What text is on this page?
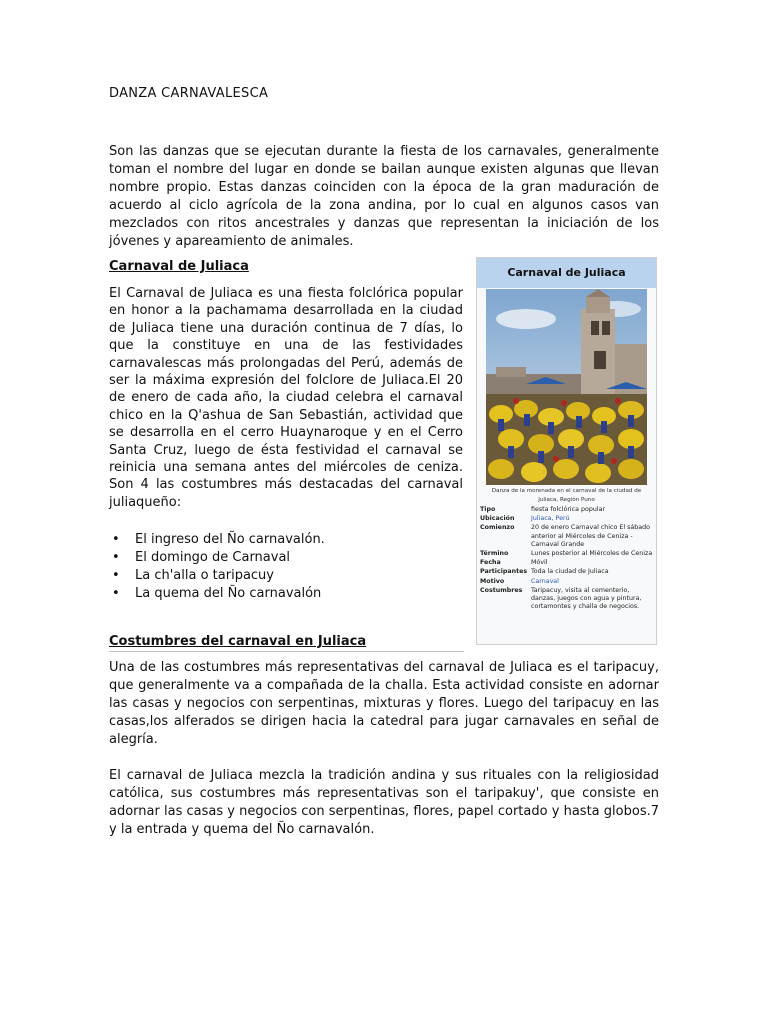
DANZA CARNAVALESCA
Son las danzas que se ejecutan durante la fiesta de los carnavales, generalmente toman el nombre del lugar en donde se bailan aunque existen algunas que llevan nombre propio. Estas danzas coinciden con la época de la gran maduración de acuerdo al ciclo agrícola de la zona andina, por lo cual en algunos casos van mezclados con ritos ancestrales y danzas que representan la iniciación de los jóvenes y apareamiento de animales.
Carnaval de Juliaca
El Carnaval de Juliaca es una fiesta folclórica popular en honor a la pachamama desarrollada en la ciudad de Juliaca tiene una duración continua de 7 días, lo que la constituye en una de las festividades carnavalescas más prolongadas del Perú, además de ser la máxima expresión del folclore de Juliaca.El 20 de enero de cada año, la ciudad celebra el carnaval chico en la Q'ashua de San Sebastián, actividad que se desarrolla en el cerro Huaynaroque y en el Cerro Santa Cruz, luego de ésta festividad el carnaval se reinicia una semana antes del miércoles de ceniza. Son 4 las costumbres más destacadas del carnaval juliaqueño:
• El ingreso del Ño carnavalón.
• El domingo de Carnaval
• La ch'alla o taripacuy
• La quema del Ño carnavalón
Costumbres del carnaval en Juliaca
Una de las costumbres más representativas del carnaval de Juliaca es el taripacuy, que generalmente va a compañada de la challa. Esta actividad consiste en adornar las casas y negocios con serpentinas, mixturas y flores. Luego del taripacuy en las casas,los alferados se dirigen hacia la catedral para jugar carnavales en señal de alegría.
El carnaval de Juliaca mezcla la tradición andina y sus rituales con la religiosidad católica, sus costumbres más representativas son el taripakuy', que consiste en adornar las casas y negocios con serpentinas, flores, papel cortado y hasta globos.7 y la entrada y quema del Ño carnavalón.
Carnaval de Juliaca
Danza de la morenada en el carnaval de la ciudad de Juliaca, Región Puno
Tipo	fiesta folclórica popular
Ubicación	Juliaca, Perú
Comienzo	20 de enero Carnaval chico El sábado anterior al Miércoles de Ceniza - Carnaval Grande
Término	Lunes posterior al Miércoles de Ceniza
Fecha	Móvil
Participantes Toda la ciudad de Juliaca
Motivo	Carnaval
Costumbres	Taripacuy, visita al cementerio, danzas, juegos con agua y pintura, cortamontes y challa de negocios.
